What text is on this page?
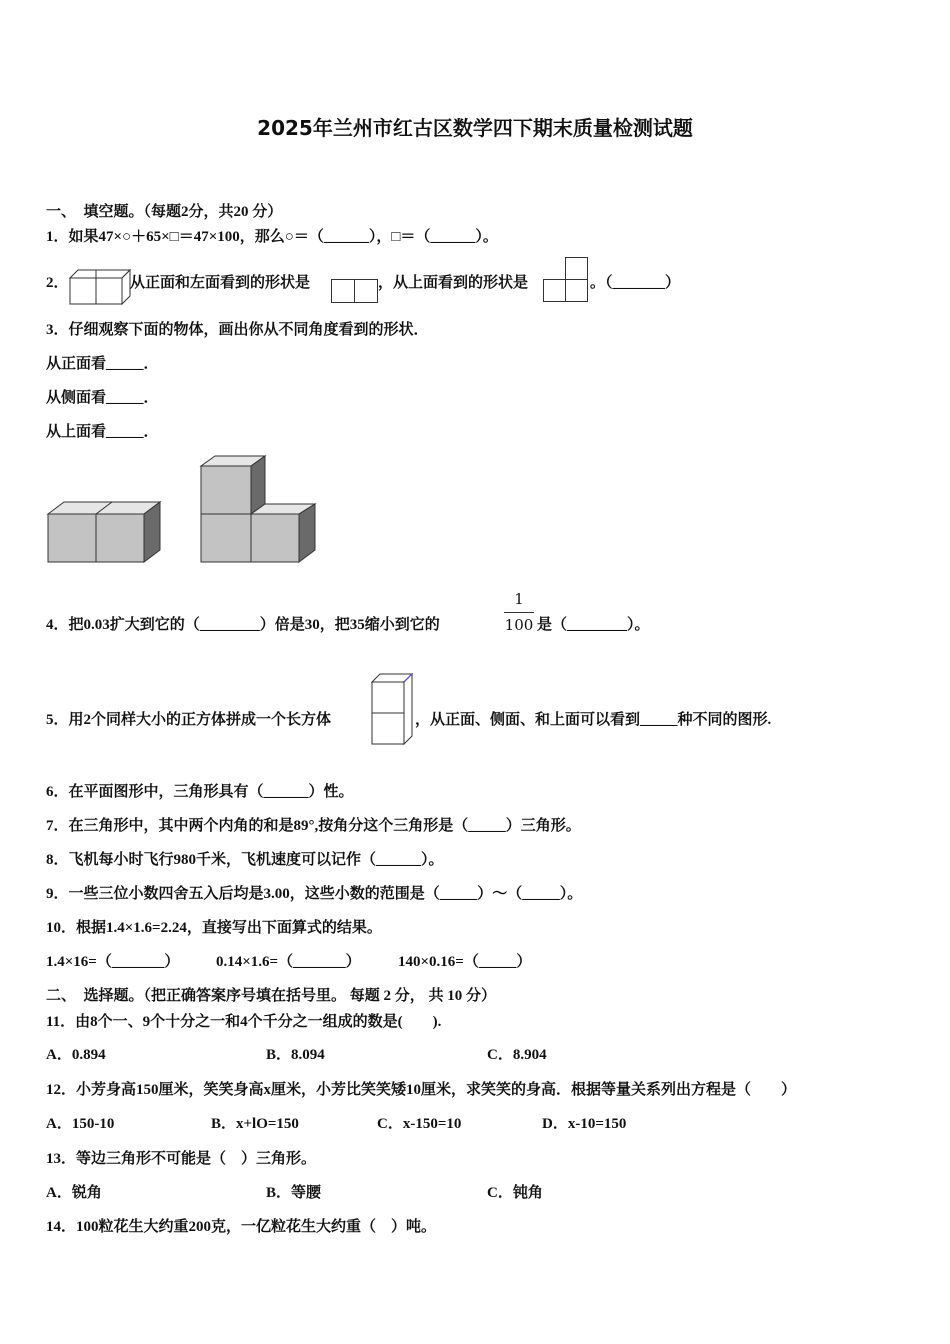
2025年兰州市红古区数学四下期末质量检测试题
一、　填空题。（每题2分，共20 分）
1．如果47×○＋65×□＝47×100，那么○＝（______），□＝（______）。
2．	从正面和左面看到的形状是	，从上面看到的形状是	。（_______）
3．仔细观察下面的物体，画出你从不同角度看到的形状．
从正面看_____．
从侧面看_____．
从上面看_____．
4．把0.03扩大到它的（________）倍是30，把35缩小到它的
1
100 是（________）。
5．用2个同样大小的正方体拼成一个长方体	，从正面、侧面、和上面可以看到_____种不同的图形.
6．在平面图形中，三角形具有（______）性。
7．在三角形中，其中两个内角的和是89°,按角分这个三角形是（_____）三角形。
8．飞机每小时飞行980千米，飞机速度可以记作（______）。
9．一些三位小数四舍五入后均是3.00，这些小数的范围是（_____）～（_____）。
10．根据1.4×1.6=2.24，直接写出下面算式的结果。
1.4×16=（_______） 0.14×1.6=（_______） 140×0.16=（_____）
二、　选择题。（把正确答案序号填在括号里。 每题 2 分， 共 10 分）
11．由8个一、9个十分之一和4个千分之一组成的数是(　　).
A．0.894	B．8.094	C．8.904
12．小芳身高150厘米，笑笑身高x厘米，小芳比笑笑矮10厘米，求笑笑的身高．根据等量关系列出方程是（　　）
A．150-10	B．x+lO=150	C．x-150=10	D．x-10=150
13．等边三角形不可能是（　）三角形。
A．锐角	B．等腰	C．钝角
14．100粒花生大约重200克，一亿粒花生大约重（　）吨。
